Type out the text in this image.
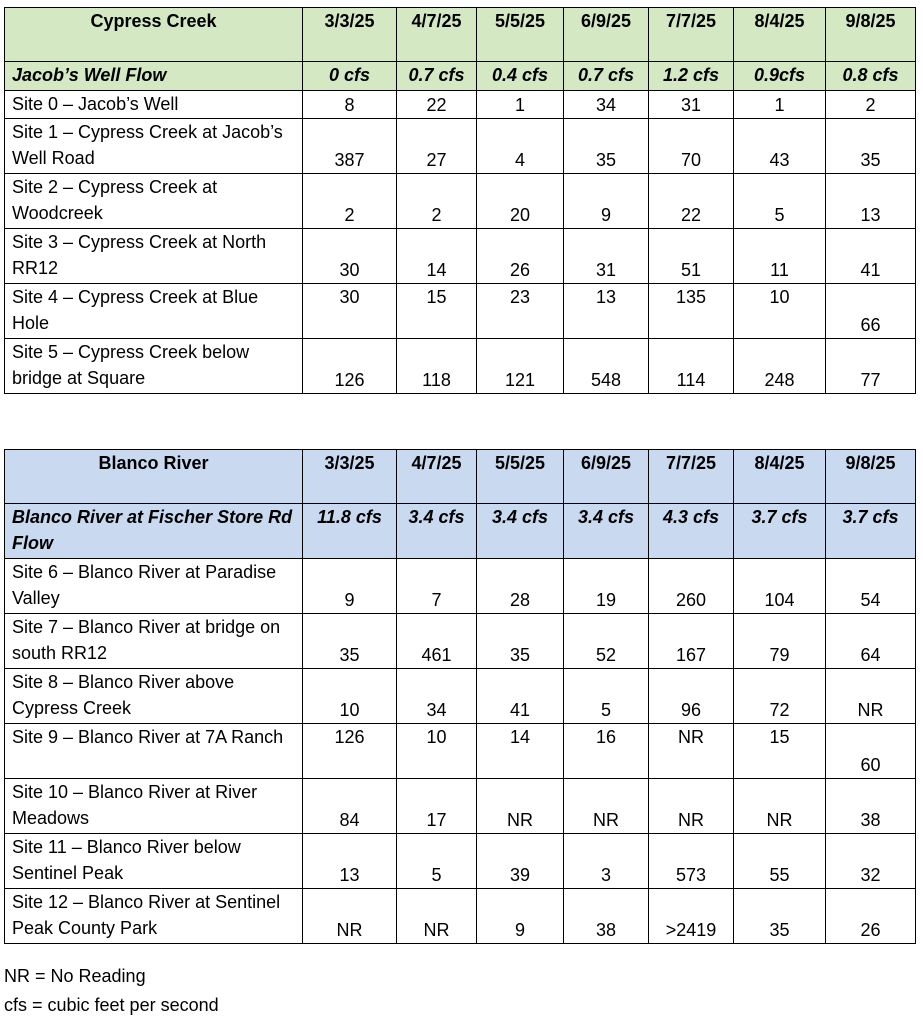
Cypress Creek	3/3/25	4/7/25	5/5/25	6/9/25	7/7/25	8/4/25	9/8/25
Jacob’s Well Flow	0 cfs	0.7 cfs	0.4 cfs	0.7 cfs	1.2 cfs	0.9cfs	0.8 cfs
Site 0 – Jacob’s Well	8	22	1	34	31	1	2
Site 1 – Cypress Creek at Jacob’s Well Road	387	27	4	35	70	43	35
Site 2 – Cypress Creek at Woodcreek	2	2	20	9	22	5	13
Site 3 – Cypress Creek at North RR12	30	14	26	31	51	11	41
Site 4 – Cypress Creek at Blue Hole	30	15	23	13	135	10	66
Site 5 – Cypress Creek below bridge at Square	126	118	121	548	114	248	77
Blanco River	3/3/25	4/7/25	5/5/25	6/9/25	7/7/25	8/4/25	9/8/25
Blanco River at Fischer Store Rd Flow	11.8 cfs	3.4 cfs	3.4 cfs	3.4 cfs	4.3 cfs	3.7 cfs	3.7 cfs
Site 6 – Blanco River at Paradise Valley	9	7	28	19	260	104	54
Site 7 – Blanco River at bridge on south RR12	35	461	35	52	167	79	64
Site 8 – Blanco River above Cypress Creek	10	34	41	5	96	72	NR
Site 9 – Blanco River at 7A Ranch	126	10	14	16	NR	15	60
Site 10 – Blanco River at River Meadows	84	17	NR	NR	NR	NR	38
Site 11 – Blanco River below Sentinel Peak	13	5	39	3	573	55	32
Site 12 – Blanco River at Sentinel Peak County Park	NR	NR	9	38	>2419	35	26
NR = No Reading
cfs = cubic feet per second
